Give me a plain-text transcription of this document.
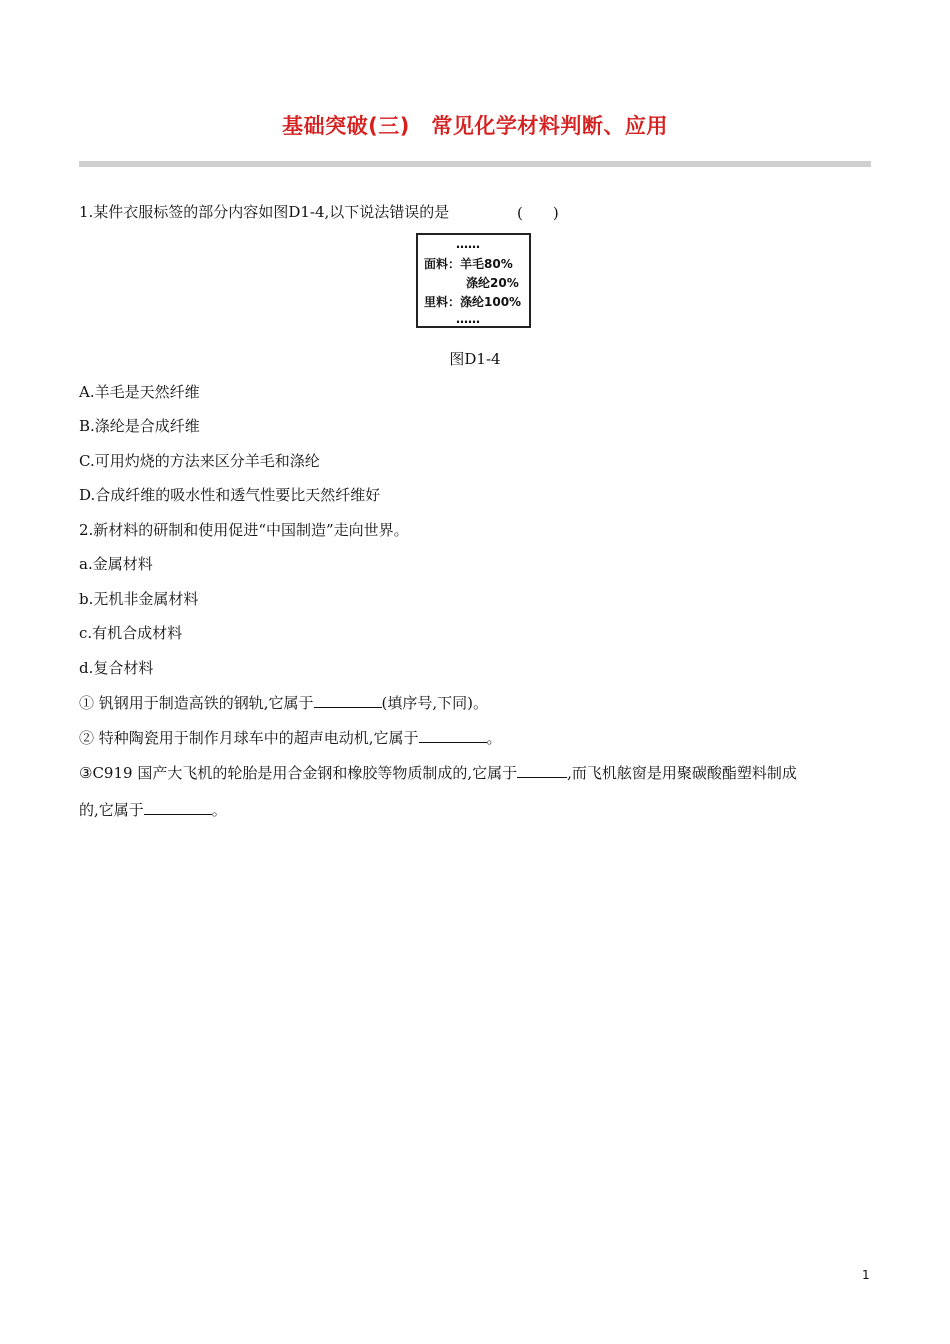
基础突破(三)　常见化学材料判断、应用
1.某件衣服标签的部分内容如图D1-4,以下说法错误的是	(　　)
……
面料：羊毛80%
涤纶20%
里料：涤纶100%
……
图D1-4
A.羊毛是天然纤维
B.涤纶是合成纤维
C.可用灼烧的方法来区分羊毛和涤纶
D.合成纤维的吸水性和透气性要比天然纤维好
2.新材料的研制和使用促进“中国制造”走向世界。
a.金属材料
b.无机非金属材料
c.有机合成材料
d.复合材料
① 钒钢用于制造高铁的钢轨,它属于	(填序号,下同)。
② 特种陶瓷用于制作月球车中的超声电动机,它属于	。
③C919 国产大飞机的轮胎是用合金钢和橡胶等物质制成的,它属于	,而飞机舷窗是用聚碳酸酯塑料制成
的,它属于	。
1
